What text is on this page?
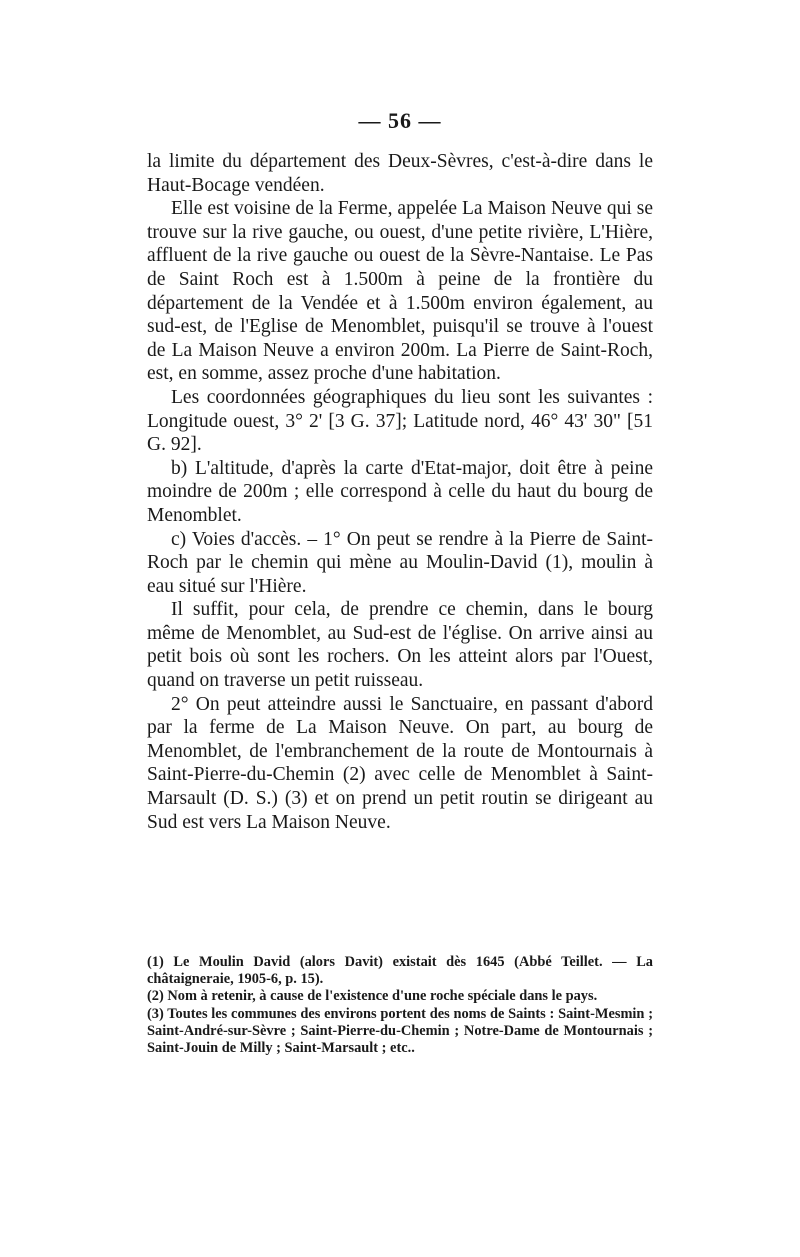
— 56 —

la limite du département des Deux-Sèvres, c'est-à-dire dans le Haut-Bocage vendéen.

Elle est voisine de la Ferme, appelée La Maison Neuve qui se trouve sur la rive gauche, ou ouest, d'une petite rivière, L'Hière, affluent de la rive gauche ou ouest de la Sèvre-Nantaise. Le Pas de Saint Roch est à 1.500m à peine de la frontière du département de la Vendée et à 1.500m environ également, au sud-est, de l'Eglise de Menomblet, puisqu'il se trouve à l'ouest de La Maison Neuve a environ 200m. La Pierre de Saint-Roch, est, en somme, assez proche d'une habitation.

Les coordonnées géographiques du lieu sont les suivantes : Longitude ouest, 3° 2' [3 G. 37]; Latitude nord, 46° 43' 30" [51 G. 92].

b) L'altitude, d'après la carte d'Etat-major, doit être à peine moindre de 200m ; elle correspond à celle du haut du bourg de Menomblet.

c) Voies d'accès. – 1° On peut se rendre à la Pierre de Saint-Roch par le chemin qui mène au Moulin-David (1), moulin à eau situé sur l'Hière.

Il suffit, pour cela, de prendre ce chemin, dans le bourg même de Menomblet, au Sud-est de l'église. On arrive ainsi au petit bois où sont les rochers. On les atteint alors par l'Ouest, quand on traverse un petit ruisseau.

2° On peut atteindre aussi le Sanctuaire, en passant d'abord par la ferme de La Maison Neuve. On part, au bourg de Menomblet, de l'embranchement de la route de Montournais à Saint-Pierre-du-Chemin (2) avec celle de Menomblet à Saint-Marsault (D. S.) (3) et on prend un petit routin se dirigeant au Sud est vers La Maison Neuve.

(1) Le Moulin David (alors Davit) existait dès 1645 (Abbé Teillet. — La châtaigneraie, 1905-6, p. 15).

(2) Nom à retenir, à cause de l'existence d'une roche spéciale dans le pays.

(3) Toutes les communes des environs portent des noms de Saints : Saint-Mesmin ; Saint-André-sur-Sèvre ; Saint-Pierre-du-Chemin ; Notre-Dame de Montournais ; Saint-Jouin de Milly ; Saint-Marsault ; etc..
